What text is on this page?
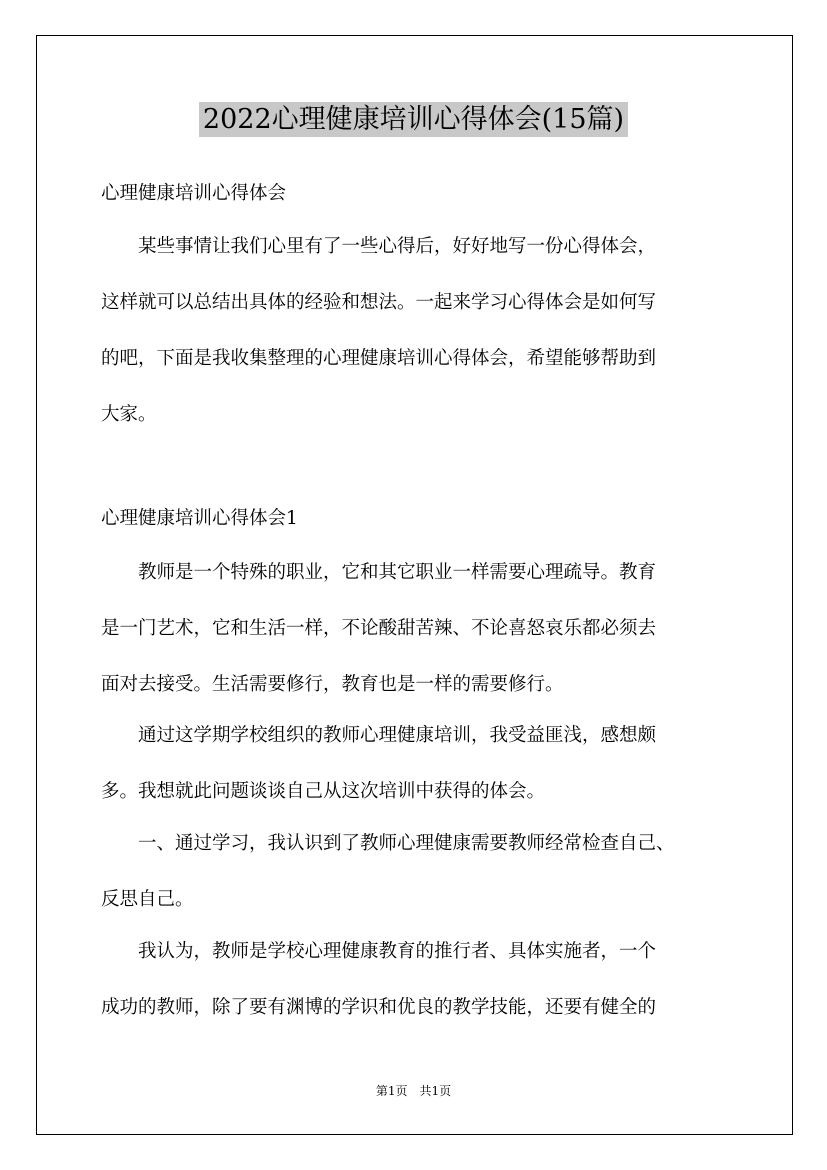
2022心理健康培训心得体会(15篇)
心理健康培训心得体会
　　某些事情让我们心里有了一些心得后，好好地写一份心得体会，
这样就可以总结出具体的经验和想法。一起来学习心得体会是如何写
的吧，下面是我收集整理的心理健康培训心得体会，希望能够帮助到
大家。
心理健康培训心得体会1
　　教师是一个特殊的职业，它和其它职业一样需要心理疏导。教育
是一门艺术，它和生活一样，不论酸甜苦辣、不论喜怒哀乐都必须去
面对去接受。生活需要修行，教育也是一样的需要修行。
　　通过这学期学校组织的教师心理健康培训，我受益匪浅，感想颇
多。我想就此问题谈谈自己从这次培训中获得的体会。
　　一、通过学习，我认识到了教师心理健康需要教师经常检查自己、
反思自己。
　　我认为，教师是学校心理健康教育的推行者、具体实施者，一个
成功的教师，除了要有渊博的学识和优良的教学技能，还要有健全的
第1页　共1页
